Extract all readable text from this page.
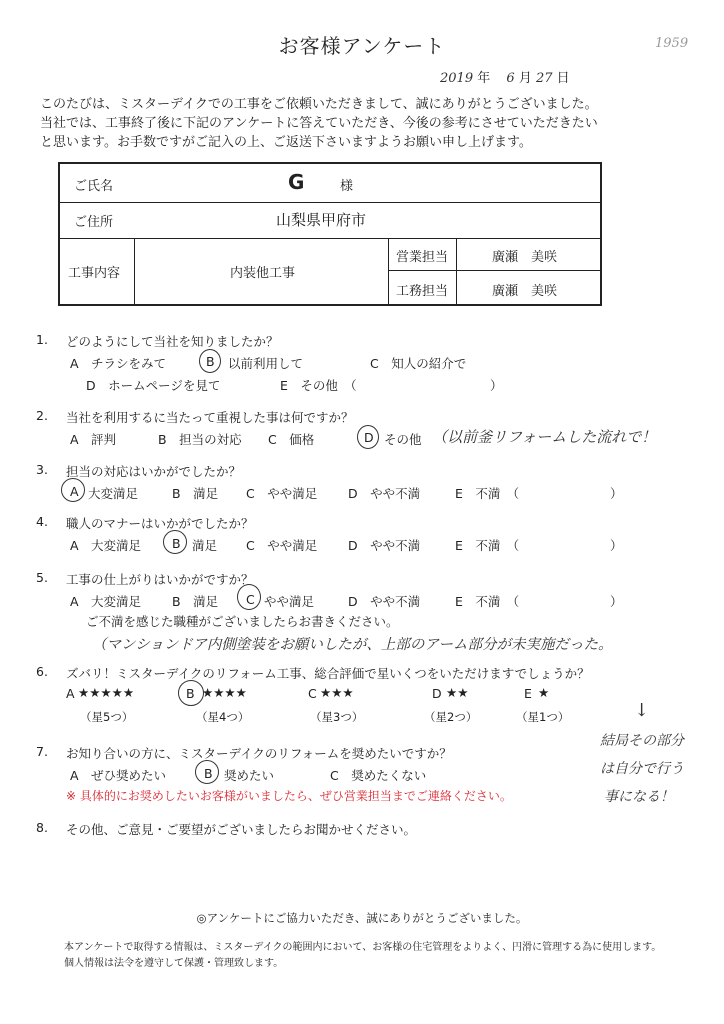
お客様アンケート	1959
2019 年 6 月 27 日
このたびは、ミスターデイクでの工事をご依頼いただきまして、誠にありがとうございました。
当社では、工事終了後に下記のアンケートに答えていただき、今後の参考にさせていただきたい
と思います。お手数ですがご記入の上、ご返送下さいますようお願い申し上げます。
ご氏名	G	様
ご住所	山梨県甲府市
工事内容	内装他工事
営業担当	廣瀬　美咲
工務担当	廣瀬　美咲
1. どのようにして当社を知りましたか？
A　チラシをみて	B 以前利用して	C　知人の紹介で
D　ホームページを見て	E　その他　（	）
2. 当社を利用するに当たって重視した事は何ですか？
A　評判	B　担当の対応 C　価格	D その他 （以前釜リフォームした流れで！
3. 担当の対応はいかがでしたか？
A 大変満足	B　満足 C　やや満足 D　やや不満	E　不満　（	）
4. 職人のマナーはいかがでしたか？
A　大変満足 B 満足 C　やや満足 D　やや不満	E　不満　（	）
5. 工事の仕上がりはいかがですか？
A　大変満足 B　満足 C やや満足	D　やや不満	E　不満　（	）
ご不満を感じた職種がございましたらお書きください。
（マンションドア内側塗装をお願いしたが、上部のアーム部分が未実施だった。
6. ズバリ！ミスターデイクのリフォーム工事、総合評価で星いくつをいただけますでしょうか？
A ★★★★★
（星5つ）
B ★★★★
（星4つ）
C ★★★
（星3つ）
D ★★
（星2つ）
E ★
（星1つ）	↓
結局その部分
は自分で行う
事になる！
7. お知り合いの方に、ミスターデイクのリフォームを奨めたいですか？
A　ぜひ奨めたい	B 奨めたい	C　奨めたくない
※ 具体的にお奨めしたいお客様がいましたら、ぜひ営業担当までご連絡ください。
8. その他、ご意見・ご要望がございましたらお聞かせください。
◎アンケートにご協力いただき、誠にありがとうございました。
本アンケートで取得する情報は、ミスターデイクの範囲内において、お客様の住宅管理をよりよく、円滑に管理する為に使用します。
個人情報は法令を遵守して保護・管理致します。
